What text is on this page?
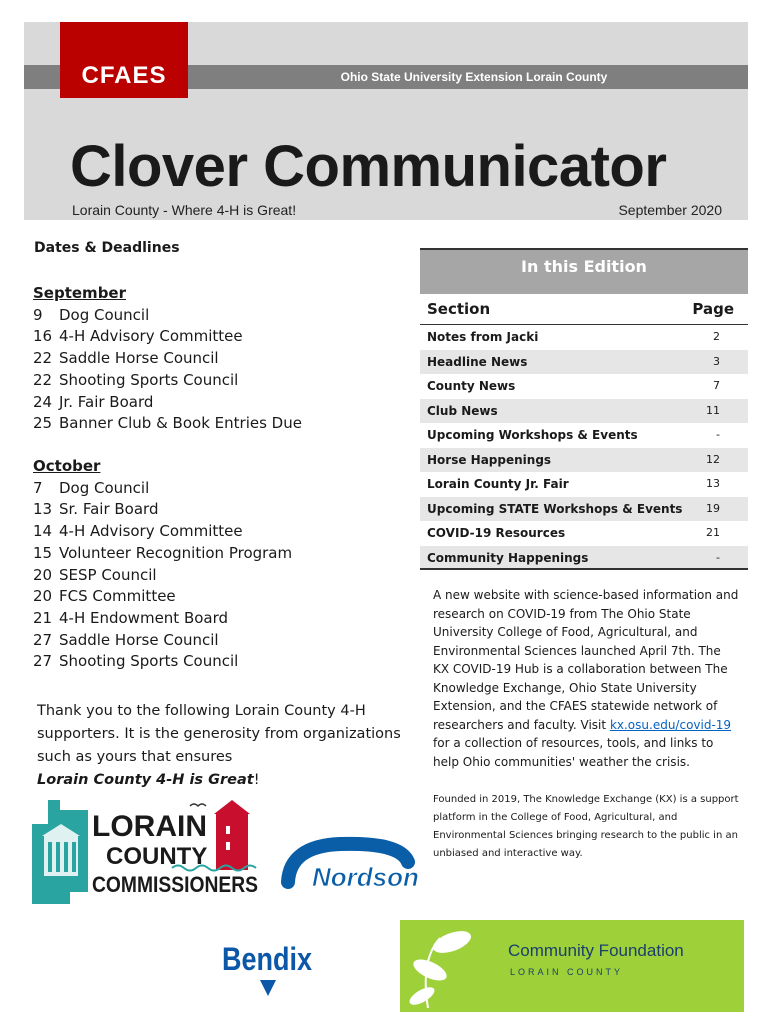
Ohio State University Extension Lorain County
CFAES
Clover Communicator
Lorain County - Where 4-H is Great!	September 2020
Dates & Deadlines
September
9 Dog Council
16 4-H Advisory Committee
22 Saddle Horse Council
22 Shooting Sports Council
24 Jr. Fair Board
25 Banner Club & Book Entries Due
October
7 Dog Council
13 Sr. Fair Board
14 4-H Advisory Committee
15 Volunteer Recognition Program
20 SESP Council
20 FCS Committee
21 4-H Endowment Board
27 Saddle Horse Council
27 Shooting Sports Council
Thank you to the following Lorain County 4-H supporters. It is the generosity from organizations such as yours that ensures
Lorain County 4-H is Great!
In this Edition
Section	Page
Notes from Jacki	2
Headline News	3
County News	7
Club News	11
Upcoming Workshops & Events	-
Horse Happenings	12
Lorain County Jr. Fair	13
Upcoming STATE Workshops & Events 19
COVID-19 Resources	21
Community Happenings	-
A new website with science-based information and research on COVID-19 from The Ohio State University College of Food, Agricultural, and Environmental Sciences launched April 7th. The KX COVID-19 Hub is a collaboration between The Knowledge Exchange, Ohio State University Extension, and the CFAES statewide network of researchers and faculty. Visit kx.osu.edu/covid-19 for a collection of resources, tools, and links to help Ohio communities' weather the crisis.
Founded in 2019, The Knowledge Exchange (KX) is a support platform in the College of Food, Agricultural, and Environmental Sciences bringing research to the public in an unbiased and interactive way.
LORAIN
COUNTY
COMMISSIONERS Nordson
Bendix	Community Foundation
LORAIN COUNTY
